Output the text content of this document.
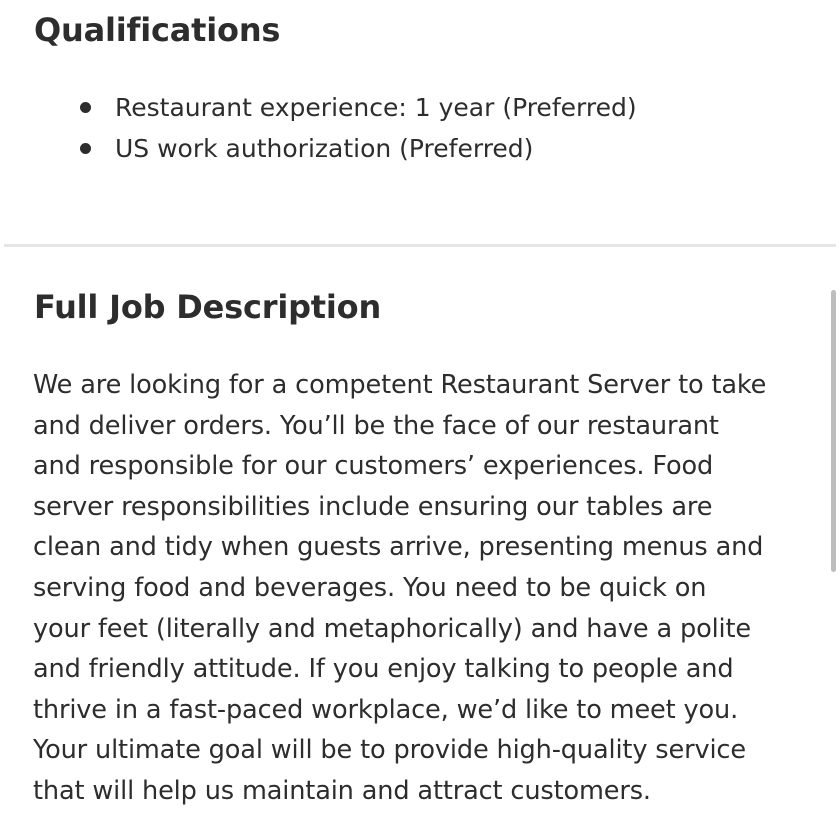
Qualifications
Restaurant experience: 1 year (Preferred)
US work authorization (Preferred)
Full Job Description

We are looking for a competent Restaurant Server to take
and deliver orders. You’ll be the face of our restaurant
and responsible for our customers’ experiences. Food
server responsibilities include ensuring our tables are
clean and tidy when guests arrive, presenting menus and
serving food and beverages. You need to be quick on
your feet (literally and metaphorically) and have a polite
and friendly attitude. If you enjoy talking to people and
thrive in a fast-paced workplace, we’d like to meet you.
Your ultimate goal will be to provide high-quality service
that will help us maintain and attract customers.
